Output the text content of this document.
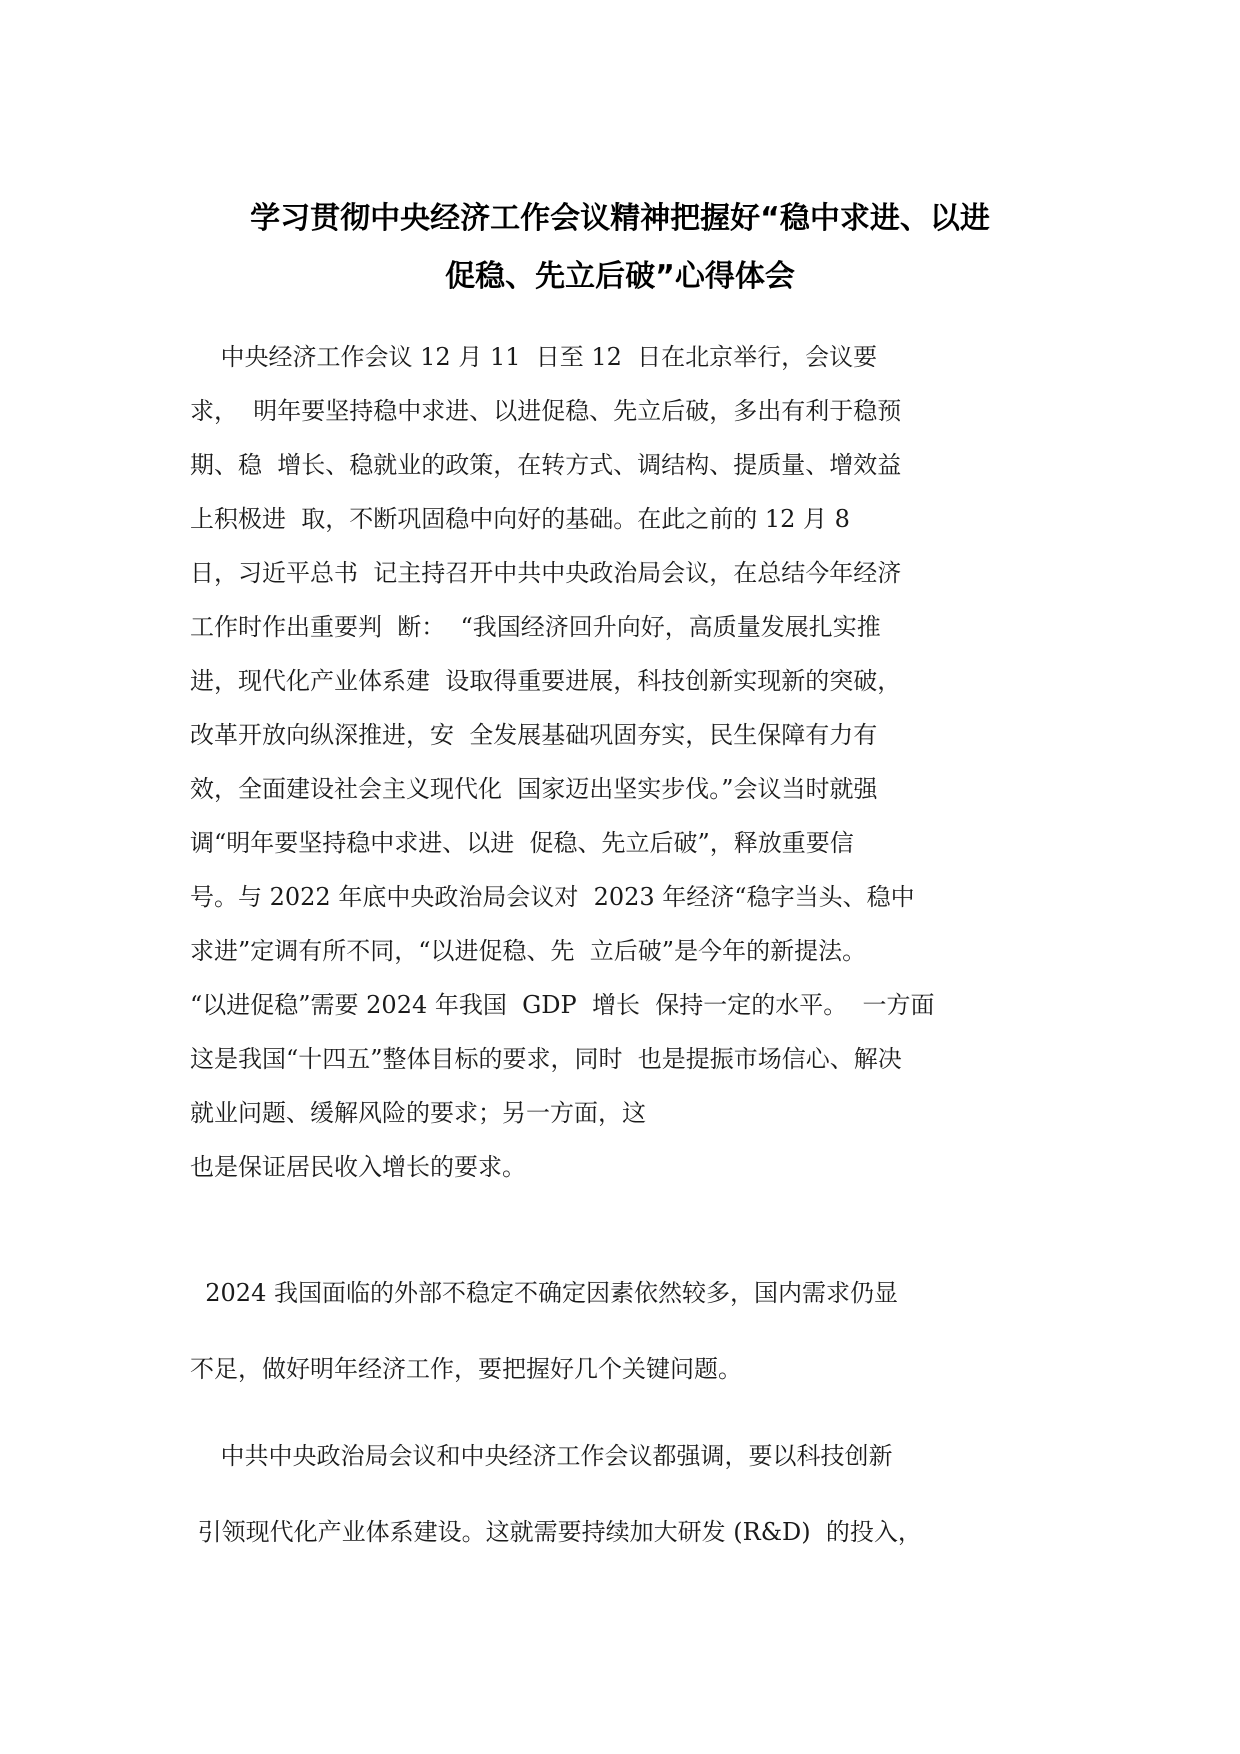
学习贯彻中央经济工作会议精神把握好“稳中求进、以进
促稳、先立后破”心得体会
中央经济工作会议 12 月 11  日至 12  日在北京举行，会议要
求，  明年要坚持稳中求进、以进促稳、先立后破，多出有利于稳预
期、稳  增长、稳就业的政策，在转方式、调结构、提质量、增效益
上积极进  取，不断巩固稳中向好的基础。在此之前的 12 月 8
日，习近平总书  记主持召开中共中央政治局会议，在总结今年经济
工作时作出重要判  断：  “我国经济回升向好，高质量发展扎实推
进，现代化产业体系建  设取得重要进展，科技创新实现新的突破，
改革开放向纵深推进，安  全发展基础巩固夯实，民生保障有力有
效，全面建设社会主义现代化  国家迈出坚实步伐。”会议当时就强
调“明年要坚持稳中求进、以进  促稳、先立后破”，释放重要信
号。与 2022 年底中央政治局会议对  2023 年经济“稳字当头、稳中
求进”定调有所不同，“以进促稳、先  立后破”是今年的新提法。
“以进促稳”需要 2024 年我国  GDP  增长  保持一定的水平。  一方面
这是我国“十四五”整体目标的要求，同时  也是提振市场信心、解决
就业问题、缓解风险的要求；另一方面，这
也是保证居民收入增长的要求。
2024 我国面临的外部不稳定不确定因素依然较多，国内需求仍显
不足，做好明年经济工作，要把握好几个关键问题。
中共中央政治局会议和中央经济工作会议都强调，要以科技创新
引领现代化产业体系建设。这就需要持续加大研发 (R&D)  的投入，
